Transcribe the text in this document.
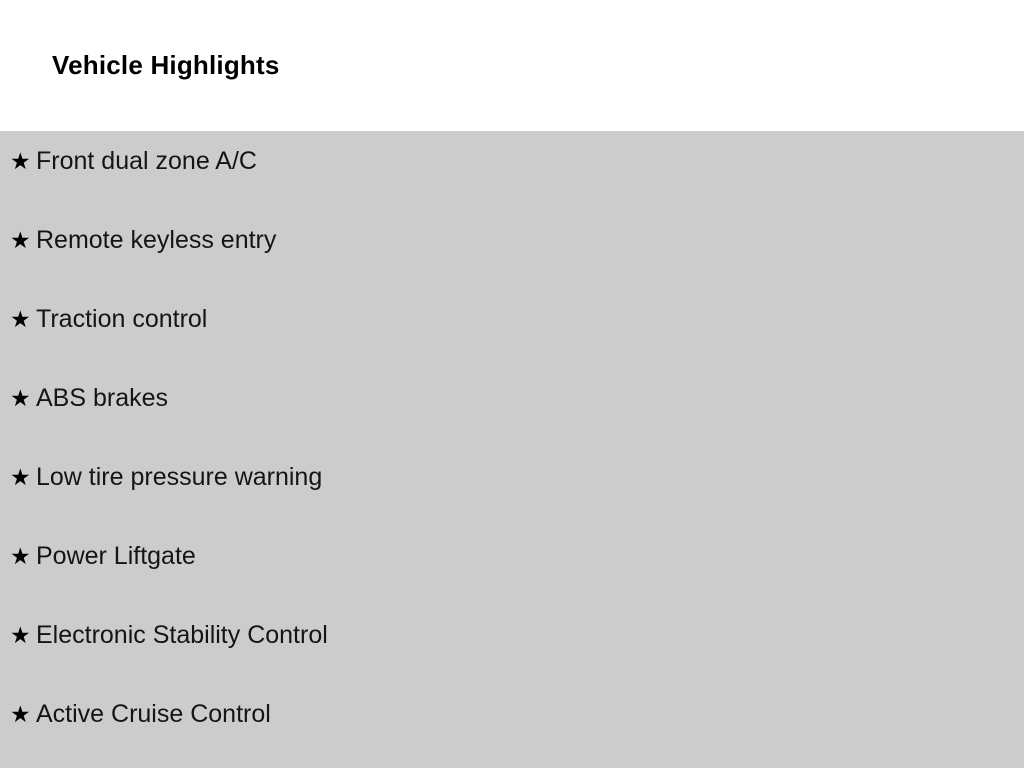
Vehicle Highlights
★ Front dual zone A/C
★ Remote keyless entry
★ Traction control
★ ABS brakes
★ Low tire pressure warning
★ Power Liftgate
★ Electronic Stability Control
★ Active Cruise Control
